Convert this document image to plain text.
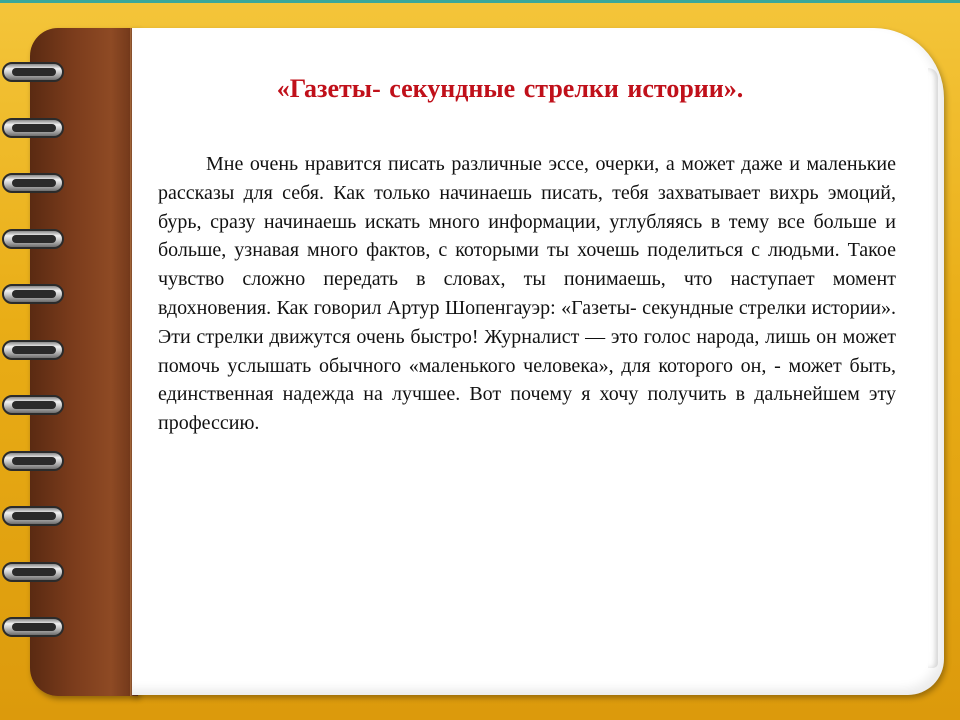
«Газеты- секундные стрелки истории».

Мне очень нравится писать различные эссе, очерки, а может даже и маленькие рассказы для себя. Как только начинаешь писать, тебя захватывает вихрь эмоций, бурь, сразу начинаешь искать много информации, углубляясь в тему все больше и больше, узнавая много фактов, с которыми ты хочешь поделиться с людьми. Такое чувство сложно передать в словах, ты понимаешь, что наступает момент вдохновения. Как говорил Артур Шопенгауэр: «Газеты- секундные стрелки истории». Эти стрелки движутся очень быстро! Журналист — это голос народа, лишь он может помочь услышать обычного «маленького человека», для которого он, - может быть, единственная надежда на лучшее. Вот почему я хочу получить в дальнейшем эту профессию.
